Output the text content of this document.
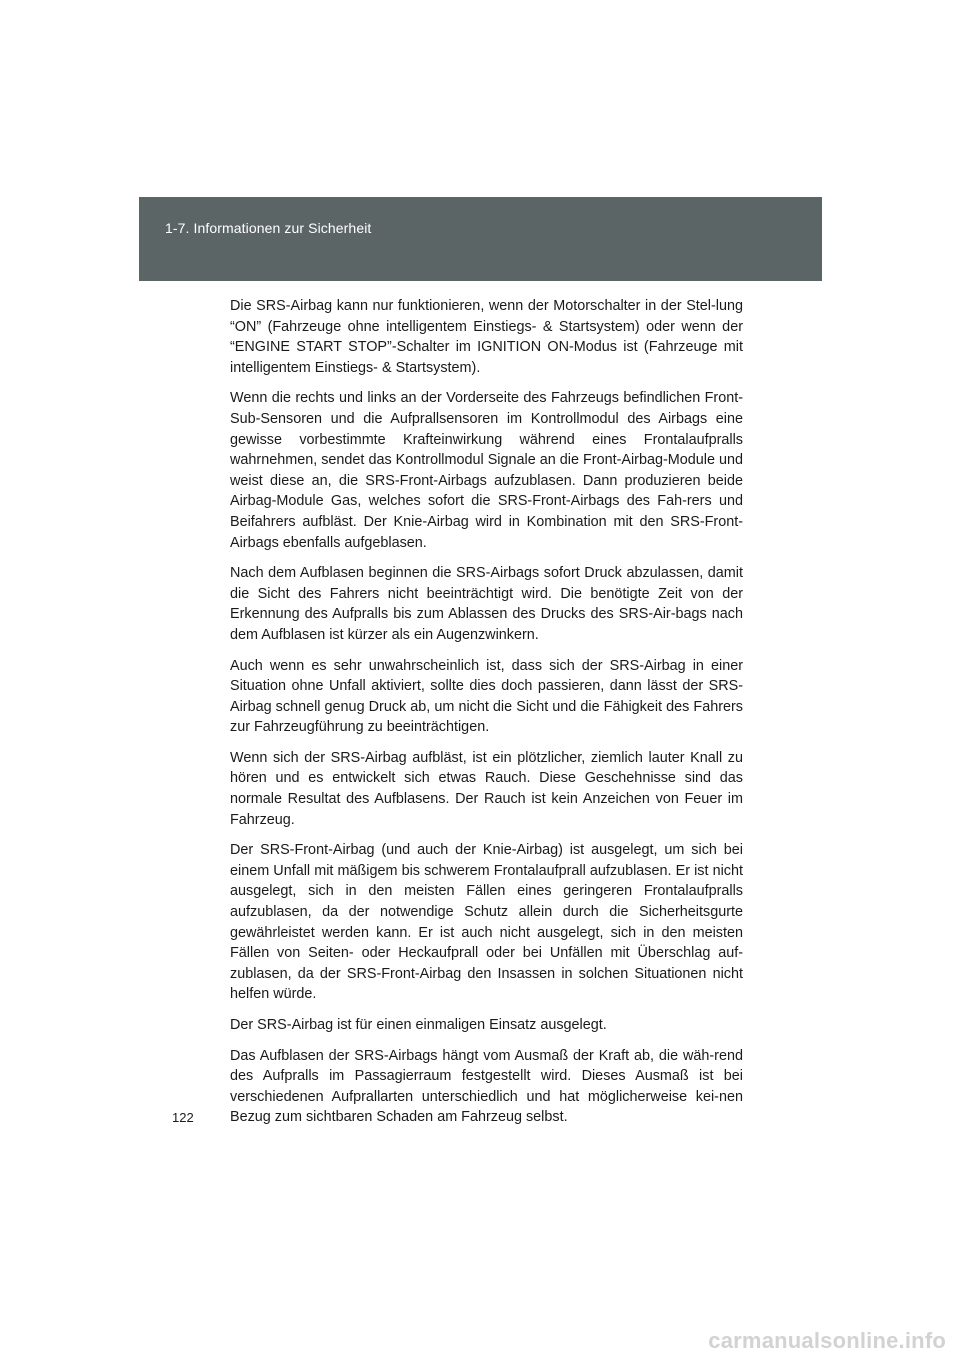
1-7. Informationen zur Sicherheit

Die SRS-Airbag kann nur funktionieren, wenn der Motorschalter in der Stel-lung “ON” (Fahrzeuge ohne intelligentem Einstiegs- & Startsystem) oder wenn der “ENGINE START STOP”-Schalter im IGNITION ON-Modus ist (Fahrzeuge mit intelligentem Einstiegs- & Startsystem).

Wenn die rechts und links an der Vorderseite des Fahrzeugs befindlichen Front-Sub-Sensoren und die Aufprallsensoren im Kontrollmodul des Airbags eine gewisse vorbestimmte Krafteinwirkung während eines Frontalaufpralls wahrnehmen, sendet das Kontrollmodul Signale an die Front-Airbag-Module und weist diese an, die SRS-Front-Airbags aufzublasen. Dann produzieren beide Airbag-Module Gas, welches sofort die SRS-Front-Airbags des Fah-rers und Beifahrers aufbläst. Der Knie-Airbag wird in Kombination mit den SRS-Front-Airbags ebenfalls aufgeblasen.

Nach dem Aufblasen beginnen die SRS-Airbags sofort Druck abzulassen, damit die Sicht des Fahrers nicht beeinträchtigt wird. Die benötigte Zeit von der Erkennung des Aufpralls bis zum Ablassen des Drucks des SRS-Air-bags nach dem Aufblasen ist kürzer als ein Augenzwinkern.

Auch wenn es sehr unwahrscheinlich ist, dass sich der SRS-Airbag in einer Situation ohne Unfall aktiviert, sollte dies doch passieren, dann lässt der SRS-Airbag schnell genug Druck ab, um nicht die Sicht und die Fähigkeit des Fahrers zur Fahrzeugführung zu beeinträchtigen.

Wenn sich der SRS-Airbag aufbläst, ist ein plötzlicher, ziemlich lauter Knall zu hören und es entwickelt sich etwas Rauch. Diese Geschehnisse sind das normale Resultat des Aufblasens. Der Rauch ist kein Anzeichen von Feuer im Fahrzeug.

Der SRS-Front-Airbag (und auch der Knie-Airbag) ist ausgelegt, um sich bei einem Unfall mit mäßigem bis schwerem Frontalaufprall aufzublasen. Er ist nicht ausgelegt, sich in den meisten Fällen eines geringeren Frontalaufpralls aufzublasen, da der notwendige Schutz allein durch die Sicherheitsgurte gewährleistet werden kann. Er ist auch nicht ausgelegt, sich in den meisten Fällen von Seiten- oder Heckaufprall oder bei Unfällen mit Überschlag auf-zublasen, da der SRS-Front-Airbag den Insassen in solchen Situationen nicht helfen würde.

Der SRS-Airbag ist für einen einmaligen Einsatz ausgelegt.

Das Aufblasen der SRS-Airbags hängt vom Ausmaß der Kraft ab, die wäh-rend des Aufpralls im Passagierraum festgestellt wird. Dieses Ausmaß ist bei verschiedenen Aufprallarten unterschiedlich und hat möglicherweise kei-nen Bezug zum sichtbaren Schaden am Fahrzeug selbst.

122
carmanualsonline.info
